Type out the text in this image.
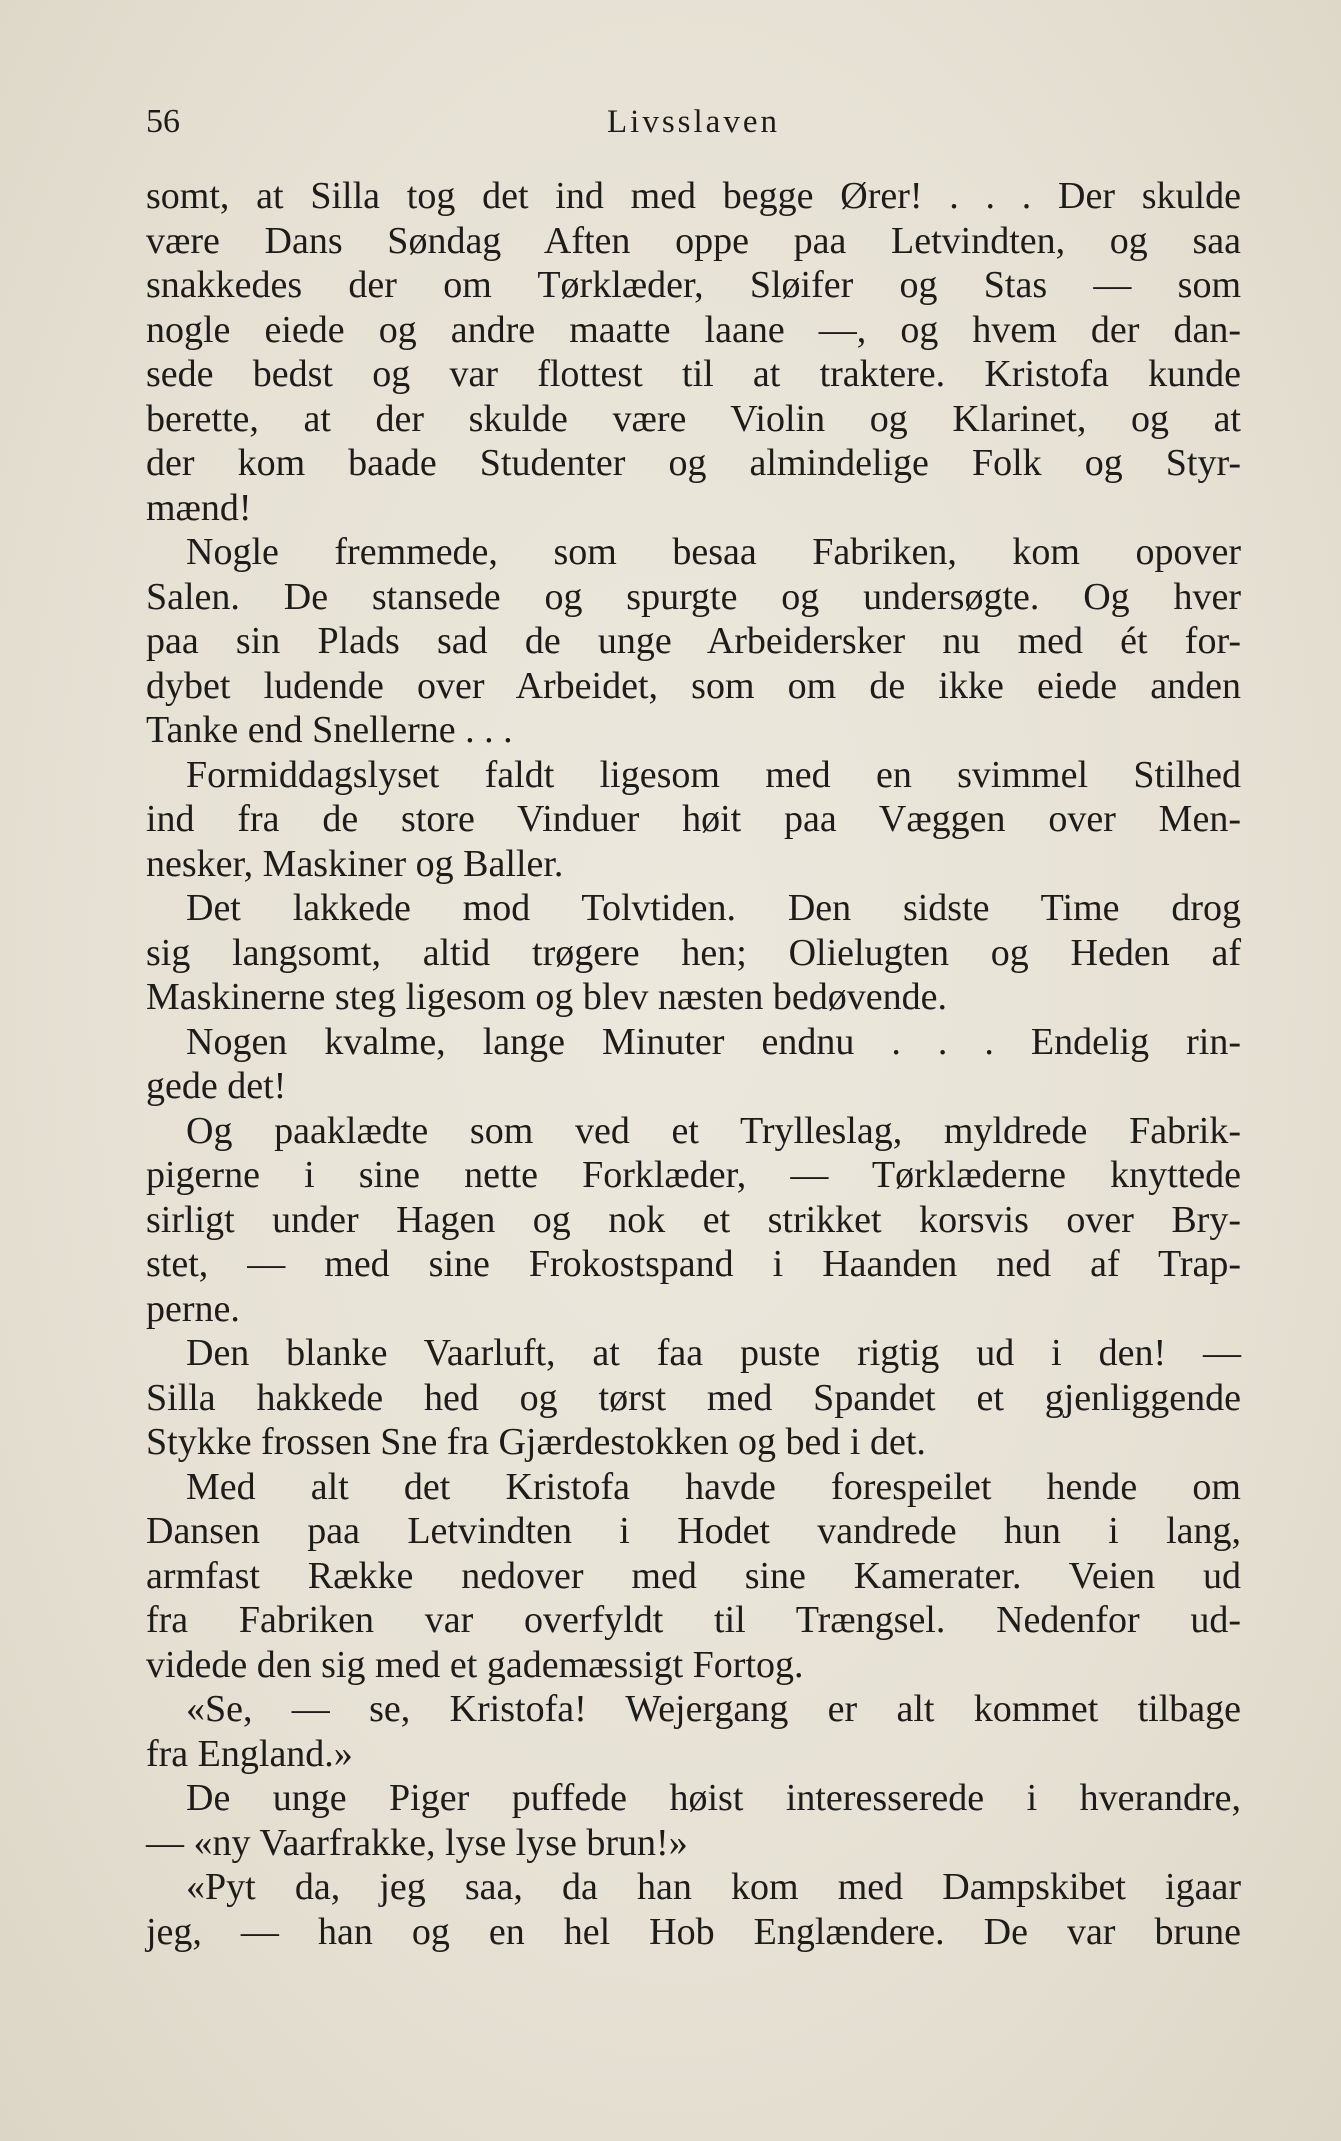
56	Livsslaven
somt, at Silla tog det ind med begge Ører! . . . Der skulde
være Dans Søndag Aften oppe paa Letvindten, og saa
snakkedes der om Tørklæder, Sløifer og Stas — som
nogle eiede og andre maatte laane —, og hvem der dan-
sede bedst og var flottest til at traktere. Kristofa kunde
berette, at der skulde være Violin og Klarinet, og at
der kom baade Studenter og almindelige Folk og Styr-
mænd!
Nogle fremmede, som besaa Fabriken, kom opover
Salen. De stansede og spurgte og undersøgte. Og hver
paa sin Plads sad de unge Arbeidersker nu med ét for-
dybet ludende over Arbeidet, som om de ikke eiede anden
Tanke end Snellerne . . .
Formiddagslyset faldt ligesom med en svimmel Stilhed
ind fra de store Vinduer høit paa Væggen over Men-
nesker, Maskiner og Baller.
Det lakkede mod Tolvtiden. Den sidste Time drog
sig langsomt, altid trøgere hen; Olielugten og Heden af
Maskinerne steg ligesom og blev næsten bedøvende.
Nogen kvalme, lange Minuter endnu . . . Endelig rin-
gede det!
Og paaklædte som ved et Trylleslag, myldrede Fabrik-
pigerne i sine nette Forklæder, — Tørklæderne knyttede
sirligt under Hagen og nok et strikket korsvis over Bry-
stet, — med sine Frokostspand i Haanden ned af Trap-
perne.
Den blanke Vaarluft, at faa puste rigtig ud i den! —
Silla hakkede hed og tørst med Spandet et gjenliggende
Stykke frossen Sne fra Gjærdestokken og bed i det.
Med alt det Kristofa havde forespeilet hende om
Dansen paa Letvindten i Hodet vandrede hun i lang,
armfast Række nedover med sine Kamerater. Veien ud
fra Fabriken var overfyldt til Trængsel. Nedenfor ud-
videde den sig med et gademæssigt Fortog.
«Se, — se, Kristofa! Wejergang er alt kommet tilbage
fra England.»
De unge Piger puffede høist interesserede i hverandre,
— «ny Vaarfrakke, lyse lyse brun!»
«Pyt da, jeg saa, da han kom med Dampskibet igaar
jeg, — han og en hel Hob Englændere. De var brune
